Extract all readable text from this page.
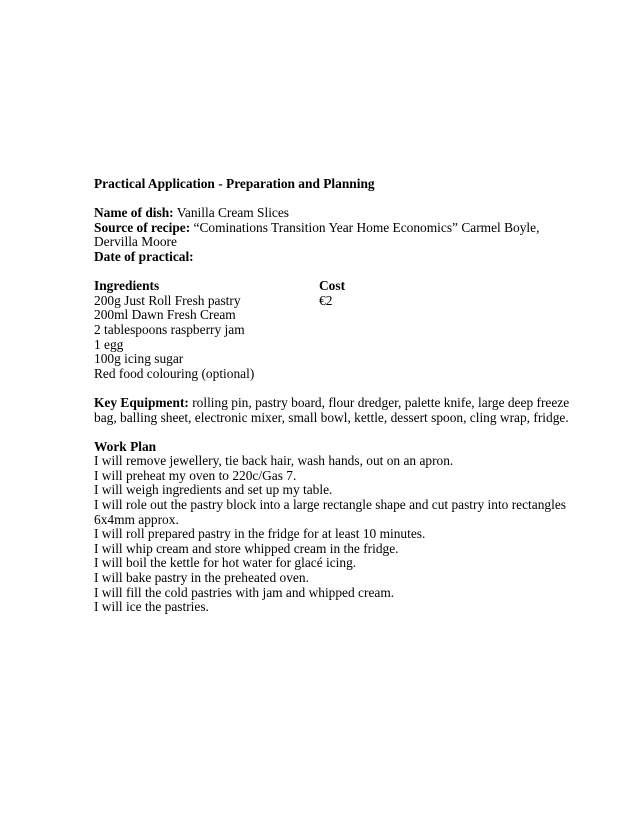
Practical Application - Preparation and Planning
Name of dish: Vanilla Cream Slices
Source of recipe: “Cominations Transition Year Home Economics” Carmel Boyle,
Dervilla Moore
Date of practical:
Ingredients	Cost
200g Just Roll Fresh pastry	€2
200ml Dawn Fresh Cream
2 tablespoons raspberry jam
1 egg
100g icing sugar
Red food colouring (optional)
Key Equipment: rolling pin, pastry board, flour dredger, palette knife, large deep freeze
bag, balling sheet, electronic mixer, small bowl, kettle, dessert spoon, cling wrap, fridge.
Work Plan
I will remove jewellery, tie back hair, wash hands, out on an apron.
I will preheat my oven to 220c/Gas 7.
I will weigh ingredients and set up my table.
I will role out the pastry block into a large rectangle shape and cut pastry into rectangles
6x4mm approx.
I will roll prepared pastry in the fridge for at least 10 minutes.
I will whip cream and store whipped cream in the fridge.
I will boil the kettle for hot water for glacé icing.
I will bake pastry in the preheated oven.
I will fill the cold pastries with jam and whipped cream.
I will ice the pastries.
